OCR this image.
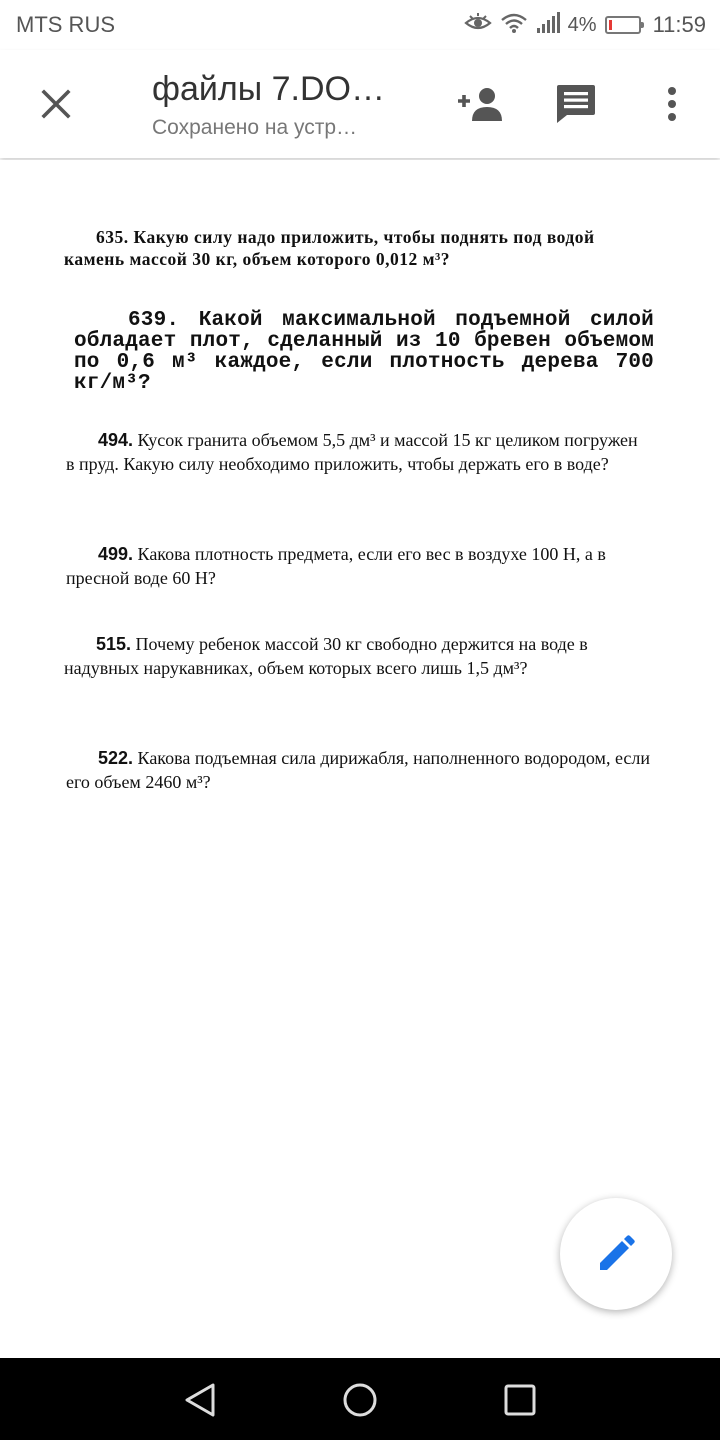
MTS RUS	4%	11:59
файлы 7.DO…
Сохранено на устр…
635. Какую силу надо приложить, чтобы поднять под водой камень массой 30 кг, объем которого 0,012 м³?
639. Какой максимальной подъемной силой обладает плот, сделанный из 10 бревен объемом по 0,6 м³ каждое, если плотность дерева 700 кг/м³?
494. Кусок гранита объемом 5,5 дм³ и массой 15 кг целиком погружен в пруд. Какую силу необходимо приложить, чтобы держать его в воде?
499. Какова плотность предмета, если его вес в воздухе 100 Н, а в пресной воде 60 Н?
515. Почему ребенок массой 30 кг свободно держится на воде в надувных нарукавниках, объем которых всего лишь 1,5 дм³?
522. Какова подъемная сила дирижабля, наполненного водородом, если его объем 2460 м³?
